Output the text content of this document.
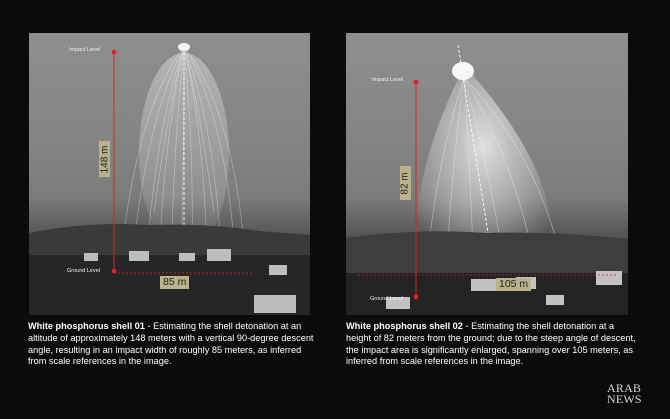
Impact Level
Ground Level
148 m
85 m
Impact Level
Ground Level
82 m
105 m
White phosphorus shell 01 - Estimating the shell detonation at an altitude of approximately 148 meters with a vertical 90-degree descent angle, resulting in an impact width of roughly 85 meters, as inferred from scale references in the image.
White phosphorus shell 02 - Estimating the shell detonation at a height of 82 meters from the ground; due to the steep angle of descent, the impact area is significantly enlarged, spanning over 105 meters, as inferred from scale references in the image.
ARAB
NEWS
